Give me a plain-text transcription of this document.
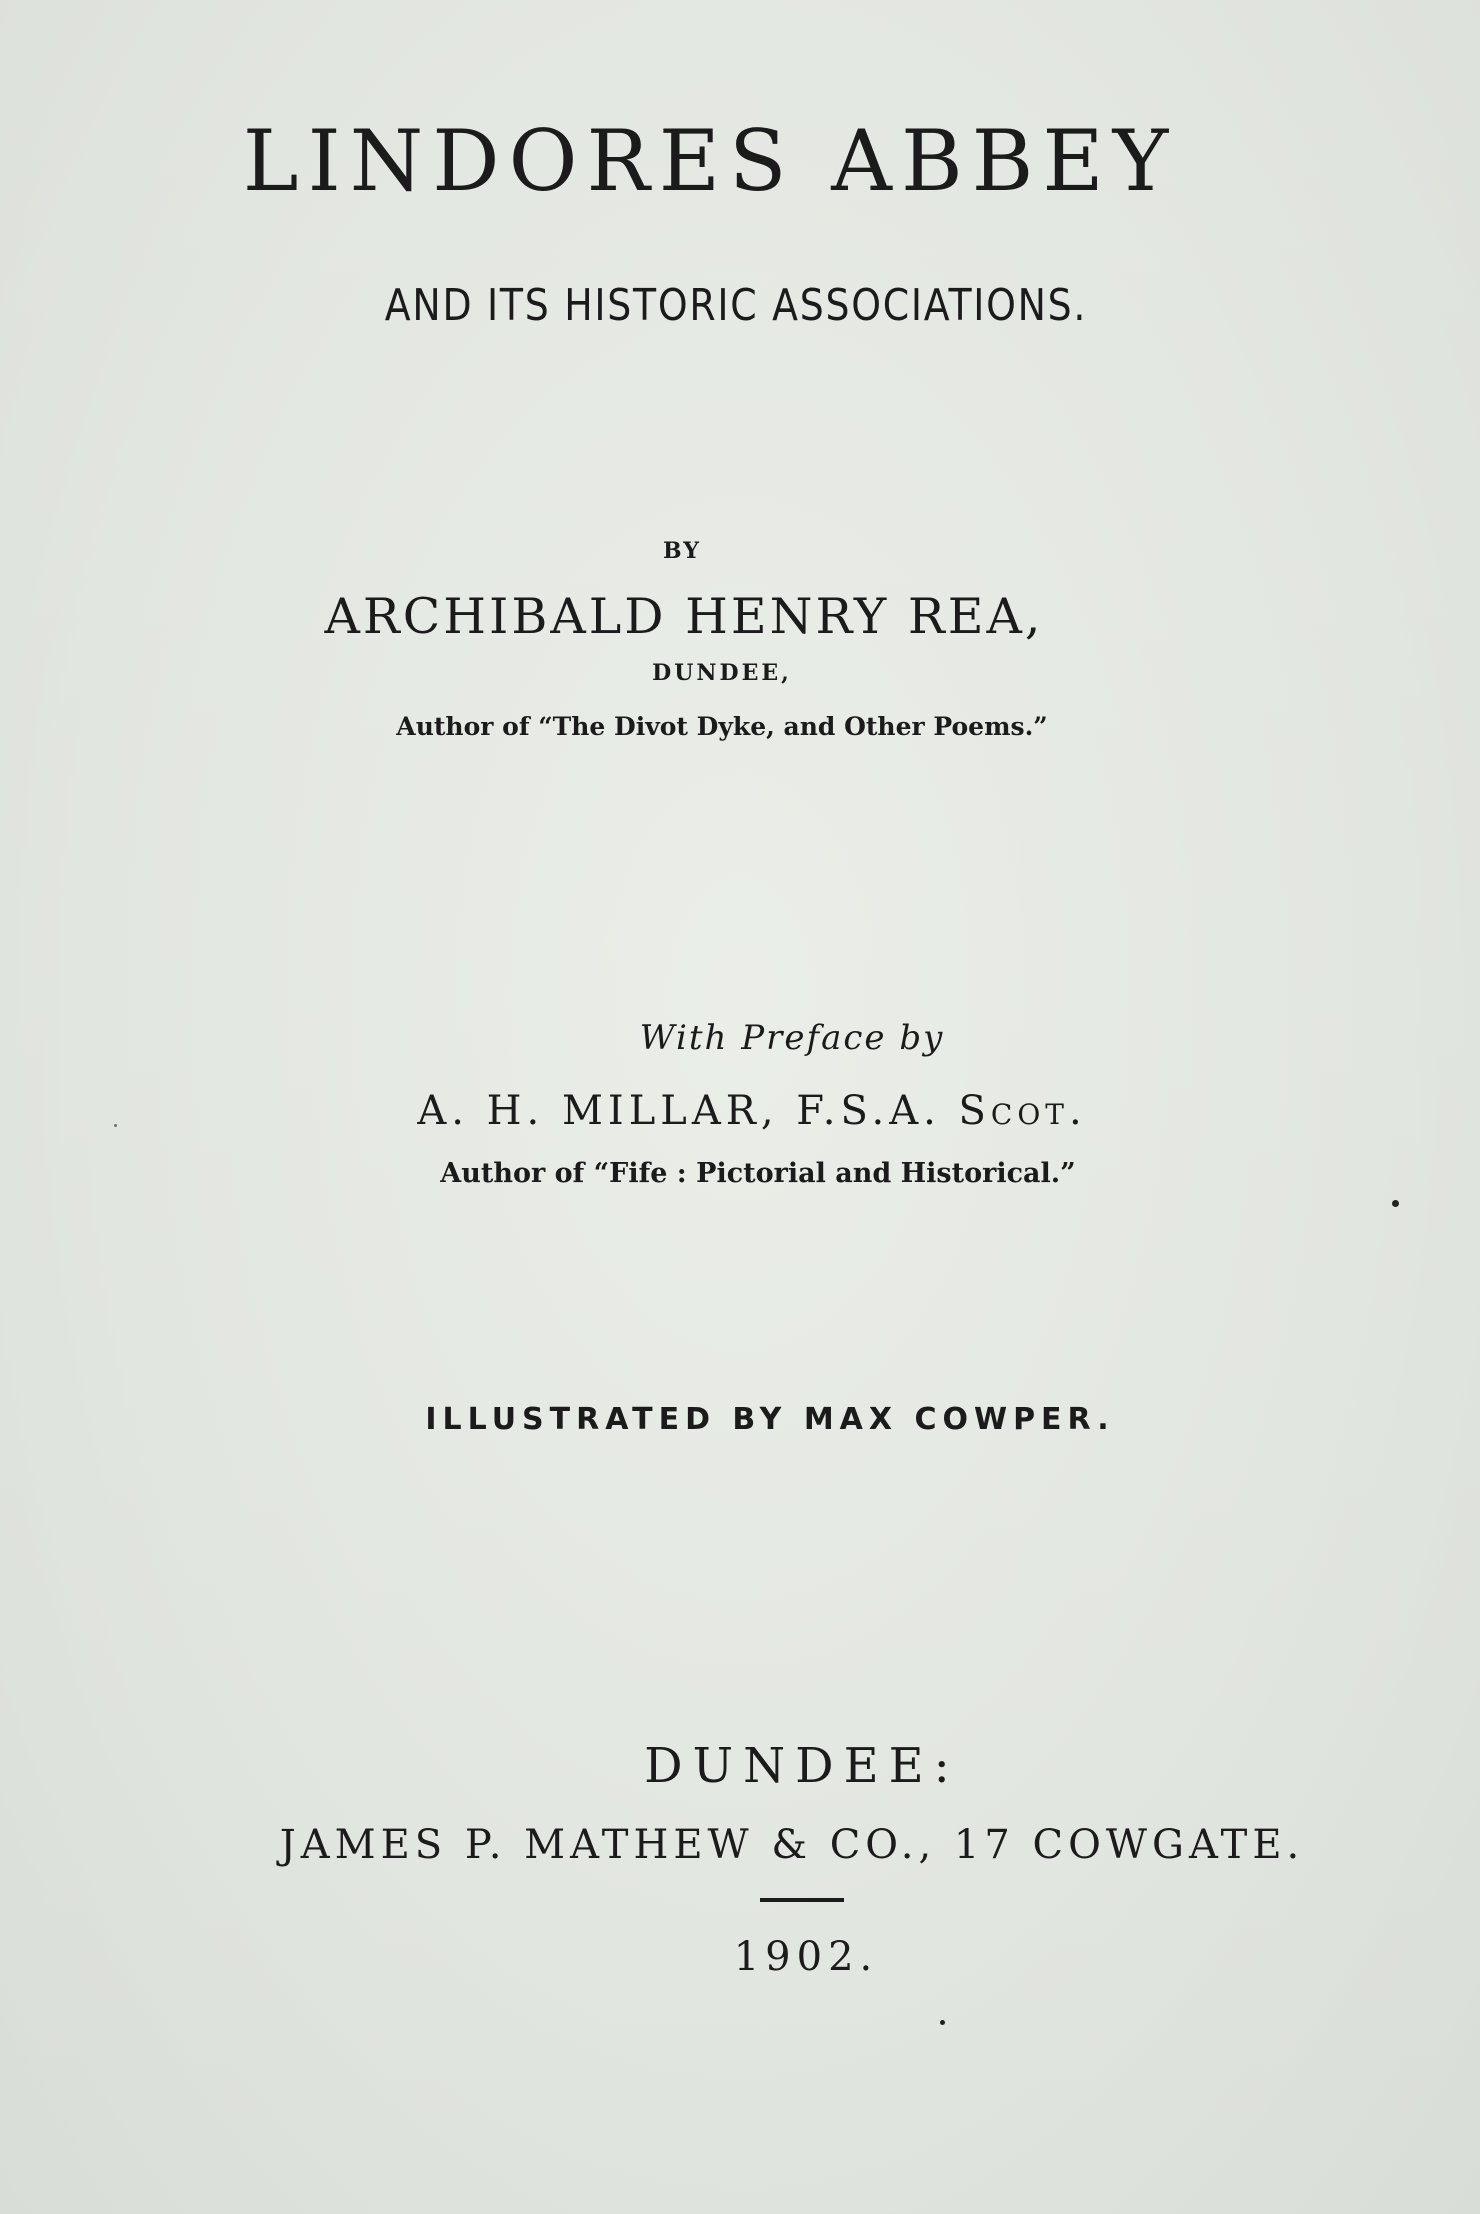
LINDORES ABBEY
AND ITS HISTORIC ASSOCIATIONS.
BY
ARCHIBALD HENRY REA,
DUNDEE,
Author of “The Divot Dyke, and Other Poems.”
With Preface by
A. H. MILLAR, F.S.A. Scot.
Author of “Fife : Pictorial and Historical.”
ILLUSTRATED BY MAX COWPER.
DUNDEE:
JAMES P. MATHEW & CO., 17 COWGATE.
1902.
